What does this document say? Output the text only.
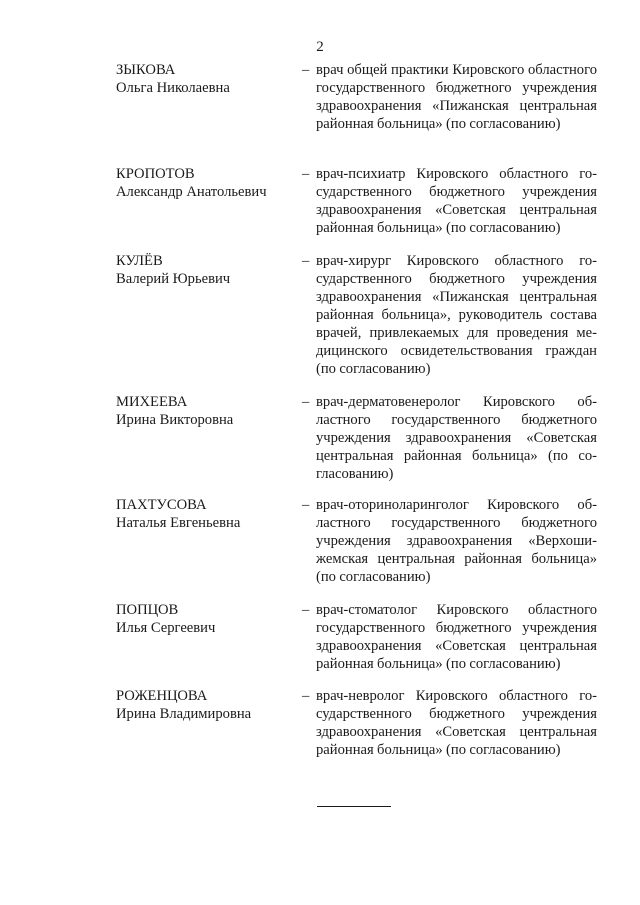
2
ЗЫКОВА
Ольга Николаевна
– врач общей практики Кировского областного государственного бюджетного учреждения здравоохранения «Пижанская центральная районная больница» (по согласованию)
КРОПОТОВ
Александр Анатольевич
– врач-психиатр Кировского областного государственного бюджетного учреждения здравоохранения «Советская центральная районная больница» (по согласованию)
КУЛЁВ
Валерий Юрьевич
– врач-хирург Кировского областного государственного бюджетного учреждения здравоохранения «Пижанская центральная районная больница», руководитель состава врачей, привлекаемых для проведения медицинского освидетельствования граждан (по согласованию)
МИХЕЕВА
Ирина Викторовна
– врач-дерматовенеролог Кировского областного государственного бюджетного учреждения здравоохранения «Советская центральная районная больница» (по согласованию)
ПАХТУСОВА
Наталья Евгеньевна
– врач-оториноларинголог Кировского областного государственного бюджетного учреждения здравоохранения «Верхошижемская центральная районная больница» (по согласованию)
ПОПЦОВ
Илья Сергеевич
– врач-стоматолог Кировского областного государственного бюджетного учреждения здравоохранения «Советская центральная районная больница» (по согласованию)
РОЖЕНЦОВА
Ирина Владимировна
– врач-невролог Кировского областного государственного бюджетного учреждения здравоохранения «Советская центральная районная больница» (по согласованию)
